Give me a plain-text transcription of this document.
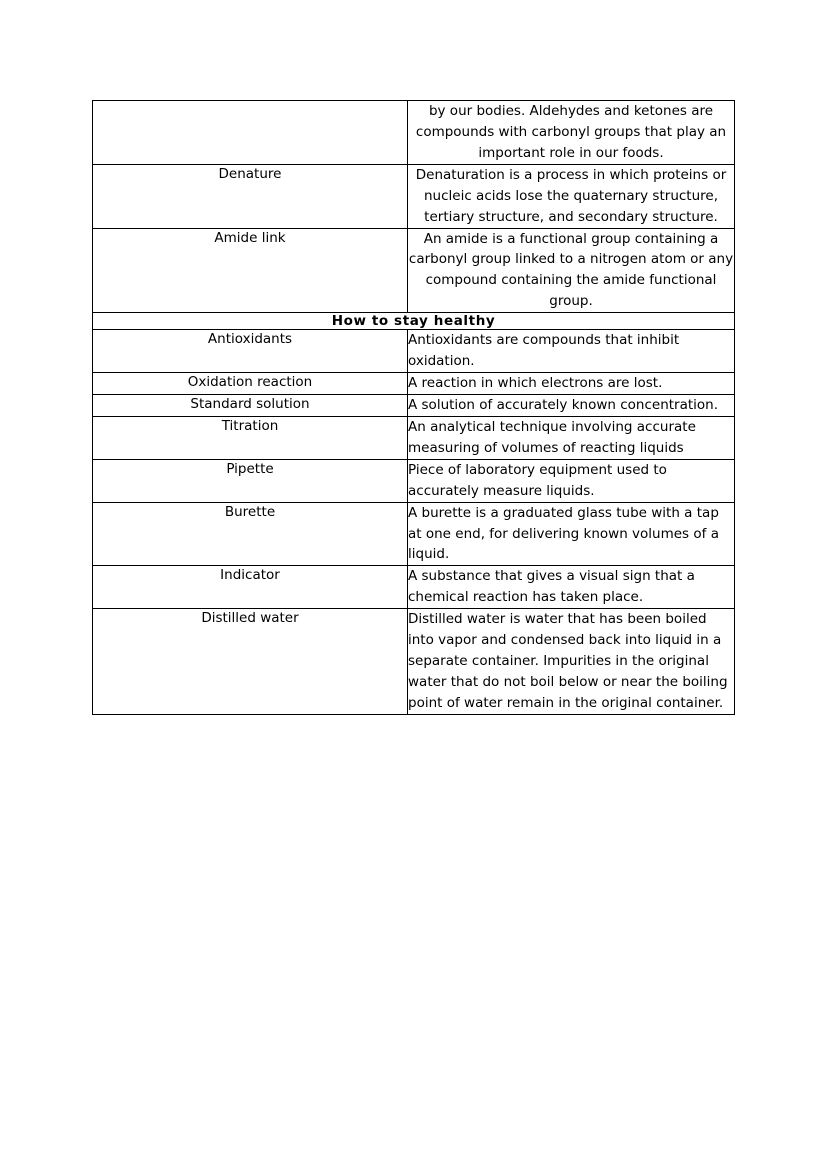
	by our bodies. Aldehydes and ketones are compounds with carbonyl groups that play an important role in our foods.
Denature	Denaturation is a process in which proteins or nucleic acids lose the quaternary structure, tertiary structure, and secondary structure.
Amide link	An amide is a functional group containing a carbonyl group linked to a nitrogen atom or any compound containing the amide functional group.
How to stay healthy	
Antioxidants	Antioxidants are compounds that inhibit oxidation.
Oxidation reaction	A reaction in which electrons are lost.
Standard solution	A solution of accurately known concentration.
Titration	An analytical technique involving accurate measuring of volumes of reacting liquids
Pipette	Piece of laboratory equipment used to accurately measure liquids.
Burette	A burette is a graduated glass tube with a tap at one end, for delivering known volumes of a liquid.
Indicator	A substance that gives a visual sign that a chemical reaction has taken place.
Distilled water	Distilled water is water that has been boiled into vapor and condensed back into liquid in a separate container. Impurities in the original water that do not boil below or near the boiling point of water remain in the original container.
